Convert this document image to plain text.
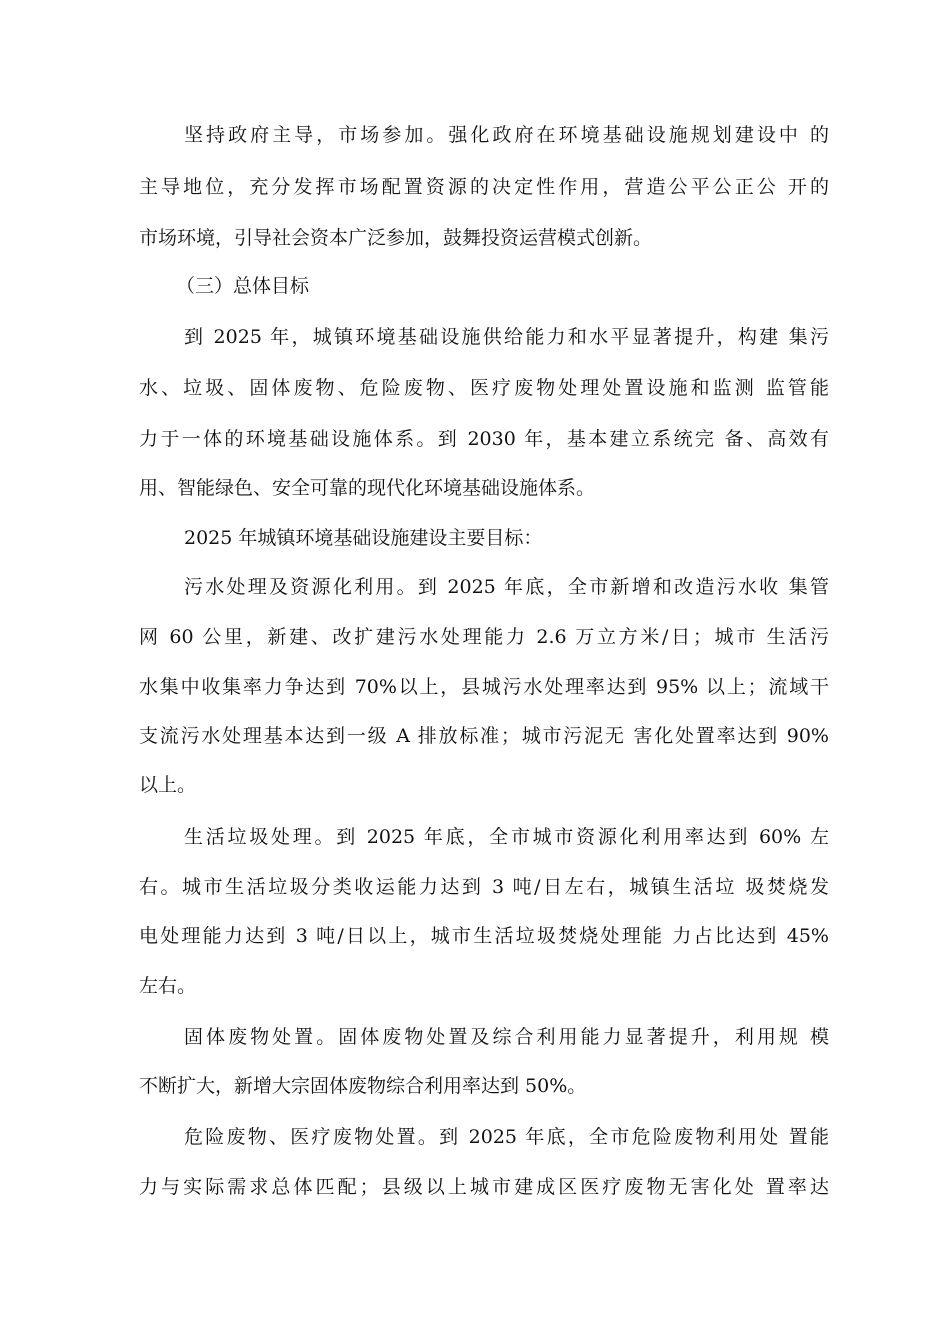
坚持政府主导，市场参加。强化政府在环境基础设施规划建设中 的
主导地位，充分发挥市场配置资源的决定性作用，营造公平公正公 开的
市场环境，引导社会资本广泛参加，鼓舞投资运营模式创新。
（三）总体目标
到 2025 年，城镇环境基础设施供给能力和水平显著提升，构建 集污
水、垃圾、固体废物、危险废物、医疗废物处理处置设施和监测 监管能
力于一体的环境基础设施体系。到 2030 年，基本建立系统完 备、高效有
用、智能绿色、安全可靠的现代化环境基础设施体系。
2025 年城镇环境基础设施建设主要目标：
污水处理及资源化利用。到 2025 年底，全市新增和改造污水收 集管
网 60 公里，新建、改扩建污水处理能力 2.6 万立方米/日；城市 生活污
水集中收集率力争达到 70%以上，县城污水处理率达到 95% 以上；流域干
支流污水处理基本达到一级 A 排放标准；城市污泥无 害化处置率达到 90%
以上。
生活垃圾处理。到 2025 年底，全市城市资源化利用率达到 60% 左
右。城市生活垃圾分类收运能力达到 3 吨/日左右，城镇生活垃 圾焚烧发
电处理能力达到 3 吨/日以上，城市生活垃圾焚烧处理能 力占比达到 45%
左右。
固体废物处置。固体废物处置及综合利用能力显著提升，利用规 模
不断扩大，新增大宗固体废物综合利用率达到 50%。
危险废物、医疗废物处置。到 2025 年底，全市危险废物利用处 置能
力与实际需求总体匹配；县级以上城市建成区医疗废物无害化处 置率达
